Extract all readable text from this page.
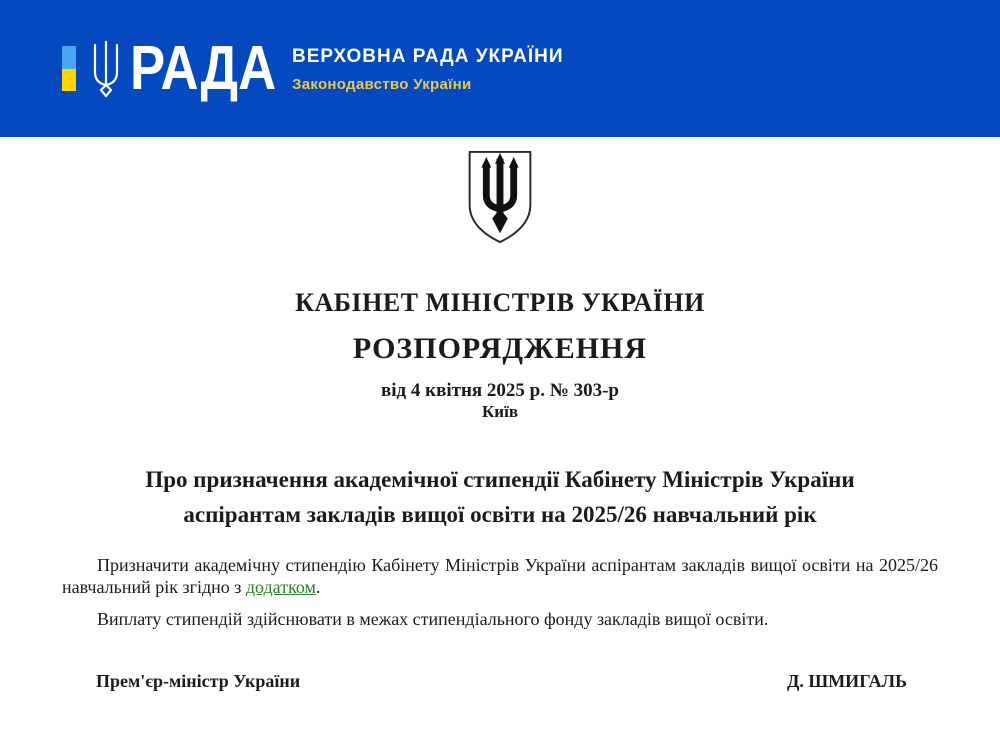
РАДА ВЕРХОВНА РАДА УКРАЇНИ
Законодавство України
КАБІНЕТ МІНІСТРІВ УКРАЇНИ
РОЗПОРЯДЖЕННЯ
від 4 квітня 2025 р. № 303-р
Київ
Про призначення академічної стипендії Кабінету Міністрів України аспірантам закладів вищої освіти на 2025/26 навчальний рік

Призначити академічну стипендію Кабінету Міністрів України аспірантам закладів вищої освіти на 2025/26 навчальний рік згідно з додатком.

Виплату стипендій здійснювати в межах стипендіального фонду закладів вищої освіти.

Прем'єр-міністр України	Д. ШМИГАЛЬ
